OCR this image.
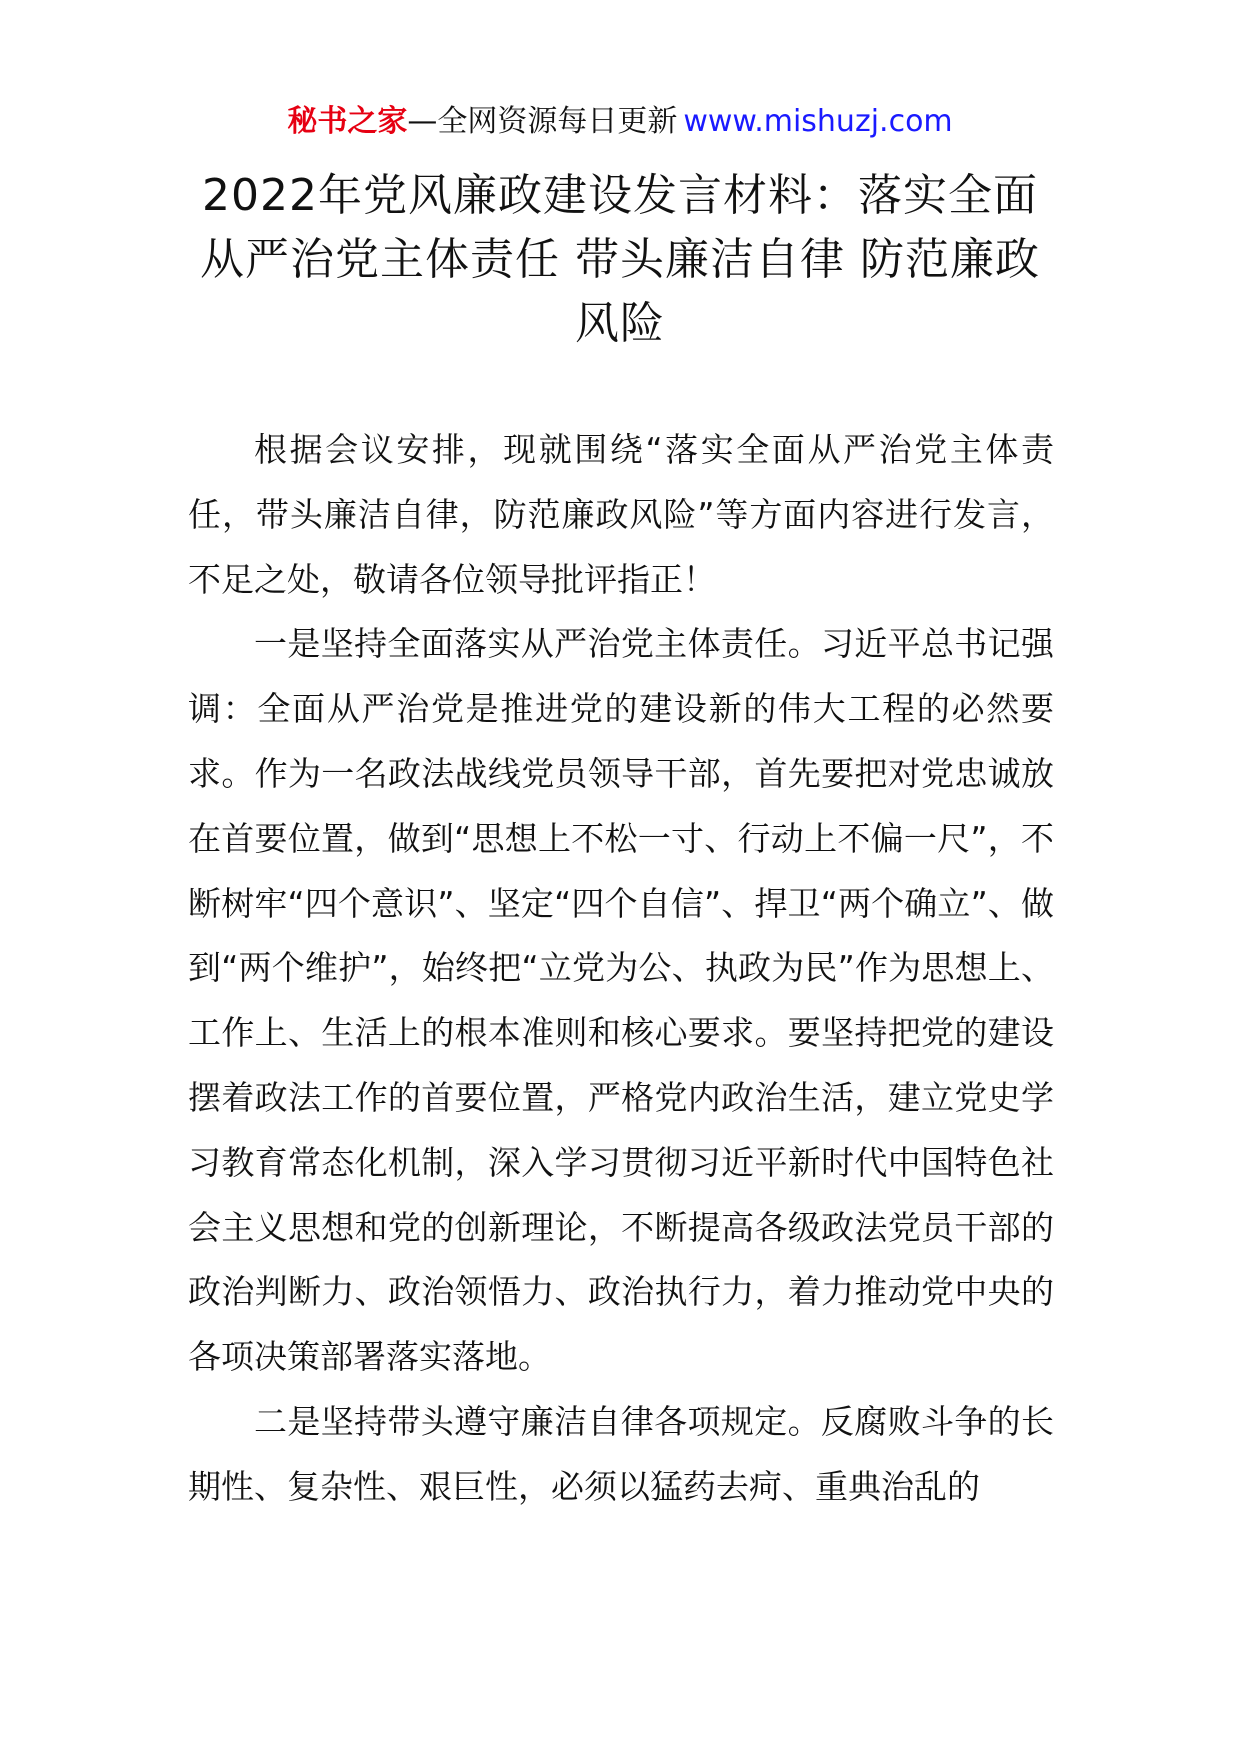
秘书之家—全网资源每日更新 www.mishuzj.com
2022年党风廉政建设发言材料：落实全面从严治党主体责任 带头廉洁自律 防范廉政风险

根据会议安排，现就围绕“落实全面从严治党主体责任，带头廉洁自律，防范廉政风险”等方面内容进行发言，不足之处，敬请各位领导批评指正！

一是坚持全面落实从严治党主体责任。习近平总书记强调：全面从严治党是推进党的建设新的伟大工程的必然要求。作为一名政法战线党员领导干部，首先要把对党忠诚放在首要位置，做到“思想上不松一寸、行动上不偏一尺”，不断树牢“四个意识”、坚定“四个自信”、捍卫“两个确立”、做到“两个维护”，始终把“立党为公、执政为民”作为思想上、工作上、生活上的根本准则和核心要求。要坚持把党的建设摆着政法工作的首要位置，严格党内政治生活，建立党史学习教育常态化机制，深入学习贯彻习近平新时代中国特色社会主义思想和党的创新理论，不断提高各级政法党员干部的政治判断力、政治领悟力、政治执行力，着力推动党中央的各项决策部署落实落地。

二是坚持带头遵守廉洁自律各项规定。反腐败斗争的长期性、复杂性、艰巨性，必须以猛药去疴、重典治乱的
